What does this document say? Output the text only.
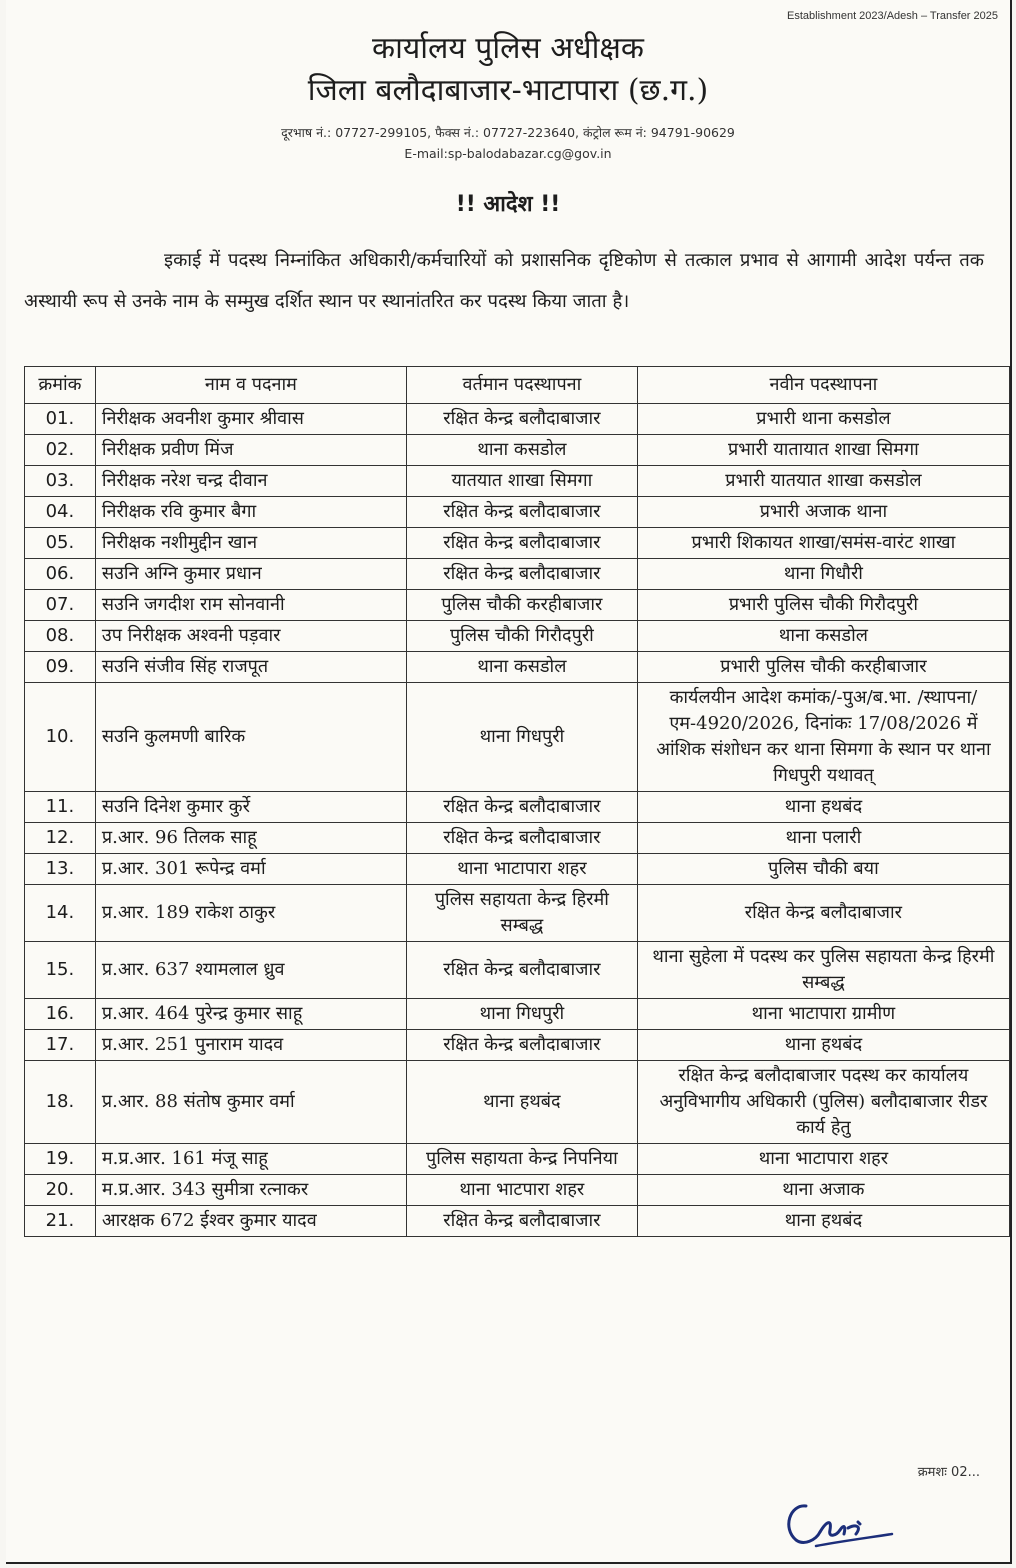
Establishment 2023/Adesh – Transfer 2025
कार्यालय पुलिस अधीक्षक
जिला बलौदाबाजार-भाटापारा (छ.ग.)
दूरभाष नं.: 07727-299105, फैक्स नं.: 07727-223640, कंट्रोल रूम नं: 94791-90629
E-mail:sp-balodabazar.cg@gov.in
!! आदेश !!
इकाई में पदस्थ निम्नांकित अधिकारी/कर्मचारियों को प्रशासनिक दृष्टिकोण से तत्काल प्रभाव से आगामी आदेश पर्यन्त तक अस्थायी रूप से उनके नाम के सम्मुख दर्शित स्थान पर स्थानांतरित कर पदस्थ किया जाता है।
क्रमांक	नाम व पदनाम	वर्तमान पदस्थापना	नवीन पदस्थापना
01.	निरीक्षक अवनीश कुमार श्रीवास	रक्षित केन्द्र बलौदाबाजार	प्रभारी थाना कसडोल
02.	निरीक्षक प्रवीण मिंज	थाना कसडोल	प्रभारी यातायात शाखा सिमगा
03.	निरीक्षक नरेश चन्द्र दीवान	यातयात शाखा सिमगा	प्रभारी यातयात शाखा कसडोल
04.	निरीक्षक रवि कुमार बैगा	रक्षित केन्द्र बलौदाबाजार	प्रभारी अजाक थाना
05.	निरीक्षक नशीमुद्दीन खान	रक्षित केन्द्र बलौदाबाजार	प्रभारी शिकायत शाखा/समंस-वारंट शाखा
06.	सउनि अग्नि कुमार प्रधान	रक्षित केन्द्र बलौदाबाजार	थाना गिधौरी
07.	सउनि जगदीश राम सोनवानी	पुलिस चौकी करहीबाजार	प्रभारी पुलिस चौकी गिरौदपुरी
08.	उप निरीक्षक अश्वनी पड़वार	पुलिस चौकी गिरौदपुरी	थाना कसडोल
09.	सउनि संजीव सिंह राजपूत	थाना कसडोल	प्रभारी पुलिस चौकी करहीबाजार
10.	सउनि कुलमणी बारिक	थाना गिधपुरी	कार्यलयीन आदेश कमांक/-पुअ/ब.भा. /स्थापना/एम-4920/2026, दिनांकः 17/08/2026 में आंशिक संशोधन कर थाना सिमगा के स्थान पर थाना गिधपुरी यथावत्
11.	सउनि दिनेश कुमार कुर्रे	रक्षित केन्द्र बलौदाबाजार	थाना हथबंद
12.	प्र.आर. 96 तिलक साहू	रक्षित केन्द्र बलौदाबाजार	थाना पलारी
13.	प्र.आर. 301 रूपेन्द्र वर्मा	थाना भाटापारा शहर	पुलिस चौकी बया
14.	प्र.आर. 189 राकेश ठाकुर	पुलिस सहायता केन्द्र हिरमी सम्बद्ध	रक्षित केन्द्र बलौदाबाजार
15.	प्र.आर. 637 श्यामलाल ध्रुव	रक्षित केन्द्र बलौदाबाजार	थाना सुहेला में पदस्थ कर पुलिस सहायता केन्द्र हिरमी सम्बद्ध
16.	प्र.आर. 464 पुरेन्द्र कुमार साहू	थाना गिधपुरी	थाना भाटापारा ग्रामीण
17.	प्र.आर. 251 पुनाराम यादव	रक्षित केन्द्र बलौदाबाजार	थाना हथबंद
18.	प्र.आर. 88 संतोष कुमार वर्मा	थाना हथबंद	रक्षित केन्द्र बलौदाबाजार पदस्थ कर कार्यालय अनुविभागीय अधिकारी (पुलिस) बलौदाबाजार रीडर कार्य हेतु
19.	म.प्र.आर. 161 मंजू साहू	पुलिस सहायता केन्द्र निपनिया	थाना भाटापारा शहर
20.	म.प्र.आर. 343 सुमीत्रा रत्नाकर	थाना भाटपारा शहर	थाना अजाक
21.	आरक्षक 672 ईश्वर कुमार यादव	रक्षित केन्द्र बलौदाबाजार	थाना हथबंद
क्रमशः 02...
